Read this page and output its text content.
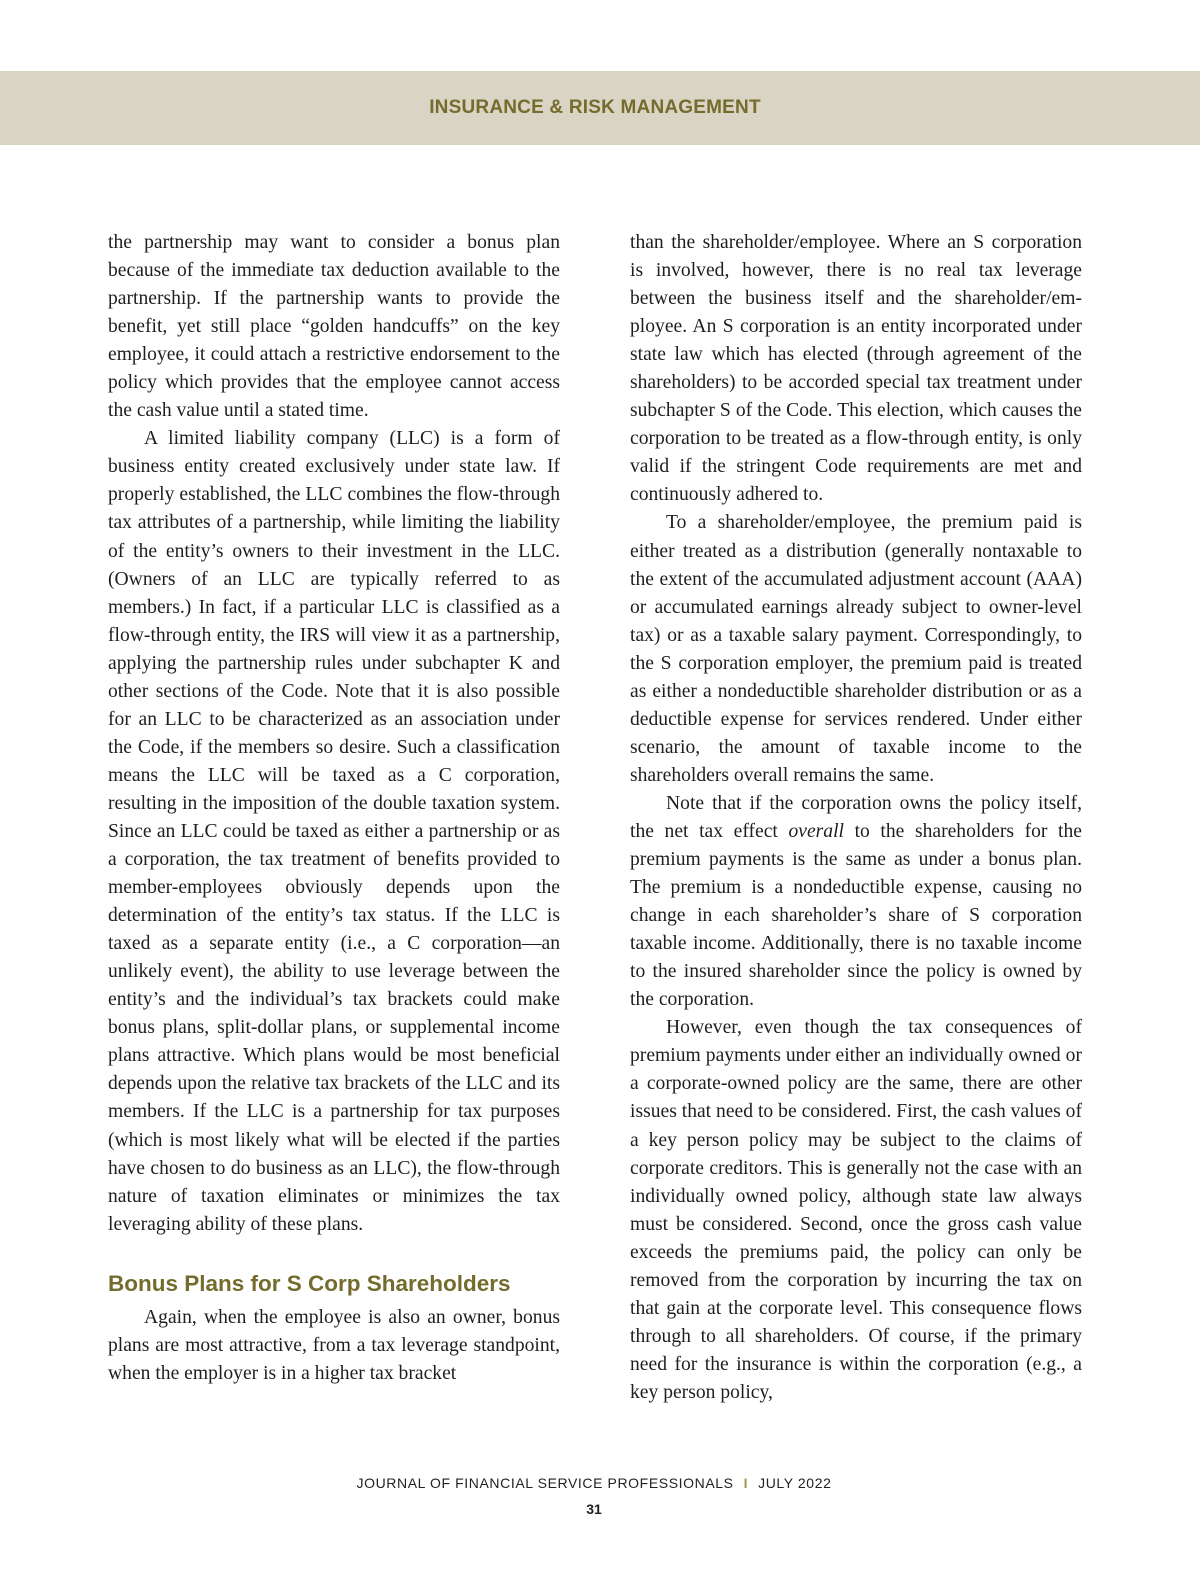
INSURANCE & RISK MANAGEMENT

the partnership may want to consider a bonus plan because of the immediate tax deduction available to the partnership. If the partnership wants to provide the benefit, yet still place “golden handcuffs” on the key employee, it could attach a restrictive endorsement to the policy which provides that the employee cannot access the cash value until a stated time.

A limited liability company (LLC) is a form of business entity created exclusively under state law. If properly established, the LLC combines the flow-through tax attributes of a partnership, while limiting the liability of the entity’s owners to their investment in the LLC. (Owners of an LLC are typically referred to as members.) In fact, if a particular LLC is classified as a flow-through entity, the IRS will view it as a partnership, applying the partnership rules under subchapter K and other sections of the Code. Note that it is also possible for an LLC to be characterized as an association under the Code, if the members so desire. Such a classification means the LLC will be taxed as a C corporation, resulting in the imposition of the double taxation system. Since an LLC could be taxed as either a partnership or as a corporation, the tax treatment of benefits provided to member-employees obviously depends upon the determination of the entity’s tax status. If the LLC is taxed as a separate entity (i.e., a C corporation—an unlikely event), the ability to use leverage between the entity’s and the individual’s tax brackets could make bonus plans, split-dollar plans, or supplemental income plans attractive. Which plans would be most beneficial depends upon the relative tax brackets of the LLC and its members. If the LLC is a partnership for tax purposes (which is most likely what will be elected if the parties have chosen to do business as an LLC), the flow-through nature of taxation eliminates or minimizes the tax leveraging ability of these plans.

Bonus Plans for S Corp Shareholders

Again, when the employee is also an owner, bonus plans are most attractive, from a tax leverage standpoint, when the employer is in a higher tax bracket

than the shareholder/employee. Where an S corporation is involved, however, there is no real tax leverage between the business itself and the shareholder/employee. An S corporation is an entity incorporated under state law which has elected (through agreement of the shareholders) to be accorded special tax treatment under subchapter S of the Code. This election, which causes the corporation to be treated as a flow-through entity, is only valid if the stringent Code requirements are met and continuously adhered to.

To a shareholder/employee, the premium paid is either treated as a distribution (generally nontaxable to the extent of the accumulated adjustment account (AAA) or accumulated earnings already subject to owner-level tax) or as a taxable salary payment. Correspondingly, to the S corporation employer, the premium paid is treated as either a nondeductible shareholder distribution or as a deductible expense for services rendered. Under either scenario, the amount of taxable income to the shareholders overall remains the same.

Note that if the corporation owns the policy itself, the net tax effect overall to the shareholders for the premium payments is the same as under a bonus plan. The premium is a nondeductible expense, causing no change in each shareholder’s share of S corporation taxable income. Additionally, there is no taxable income to the insured shareholder since the policy is owned by the corporation.

However, even though the tax consequences of premium payments under either an individually owned or a corporate-owned policy are the same, there are other issues that need to be considered. First, the cash values of a key person policy may be subject to the claims of corporate creditors. This is generally not the case with an individually owned policy, although state law always must be considered. Second, once the gross cash value exceeds the premiums paid, the policy can only be removed from the corporation by incurring the tax on that gain at the corporate level. This consequence flows through to all shareholders. Of course, if the primary need for the insurance is within the corporation (e.g., a key person policy,

JOURNAL OF FINANCIAL SERVICE PROFESSIONALS I JULY 2022
31
